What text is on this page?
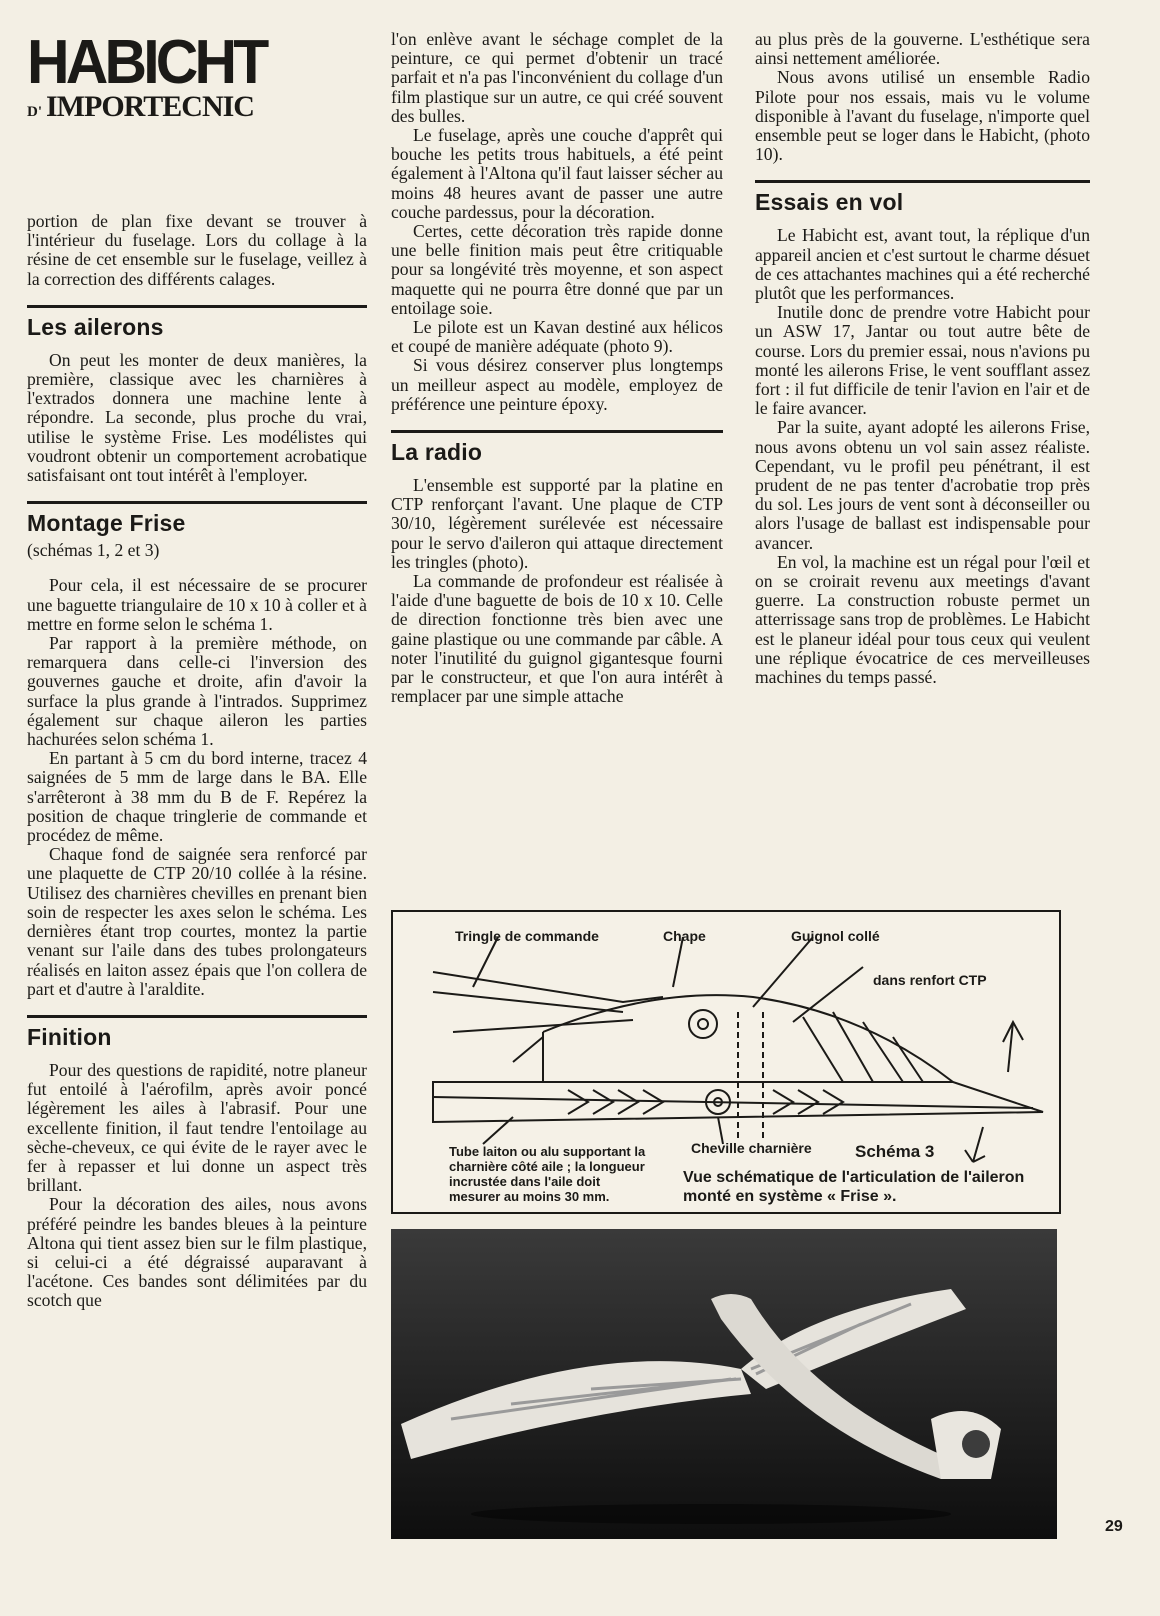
HABICHT
D' IMPORTECNIC

portion de plan fixe devant se trouver à l'intérieur du fuselage. Lors du collage à la résine de cet ensemble sur le fuselage, veillez à la correction des différents calages.

Les ailerons

On peut les monter de deux manières, la première, classique avec les charnières à l'extrados donnera une machine lente à répondre. La seconde, plus proche du vrai, utilise le système Frise. Les modélistes qui voudront obtenir un comportement acrobatique satisfaisant ont tout intérêt à l'employer.

Montage Frise
(schémas 1, 2 et 3)

Pour cela, il est nécessaire de se procurer une baguette triangulaire de 10 x 10 à coller et à mettre en forme selon le schéma 1.

Par rapport à la première méthode, on remarquera dans celle-ci l'inversion des gouvernes gauche et droite, afin d'avoir la surface la plus grande à l'intrados. Supprimez également sur chaque aileron les parties hachurées selon schéma 1.

En partant à 5 cm du bord interne, tracez 4 saignées de 5 mm de large dans le BA. Elle s'arrêteront à 38 mm du B de F. Repérez la position de chaque tringlerie de commande et procédez de même.

Chaque fond de saignée sera renforcé par une plaquette de CTP 20/10 collée à la résine. Utilisez des charnières chevilles en prenant bien soin de respecter les axes selon le schéma. Les dernières étant trop courtes, montez la partie venant sur l'aile dans des tubes prolongateurs réalisés en laiton assez épais que l'on collera de part et d'autre à l'araldite.

Finition

Pour des questions de rapidité, notre planeur fut entoilé à l'aérofilm, après avoir poncé légèrement les ailes à l'abrasif. Pour une excellente finition, il faut tendre l'entoilage au sèche-cheveux, ce qui évite de le rayer avec le fer à repasser et lui donne un aspect très brillant.

Pour la décoration des ailes, nous avons préféré peindre les bandes bleues à la peinture Altona qui tient assez bien sur le film plastique, si celui-ci a été dégraissé auparavant à l'acétone. Ces bandes sont délimitées par du scotch que

l'on enlève avant le séchage complet de la peinture, ce qui permet d'obtenir un tracé parfait et n'a pas l'inconvénient du collage d'un film plastique sur un autre, ce qui créé souvent des bulles.

Le fuselage, après une couche d'apprêt qui bouche les petits trous habituels, a été peint également à l'Altona qu'il faut laisser sécher au moins 48 heures avant de passer une autre couche pardessus, pour la décoration.

Certes, cette décoration très rapide donne une belle finition mais peut être critiquable pour sa longévité très moyenne, et son aspect maquette qui ne pourra être donné que par un entoilage soie.

Le pilote est un Kavan destiné aux hélicos et coupé de manière adéquate (photo 9).

Si vous désirez conserver plus longtemps un meilleur aspect au modèle, employez de préférence une peinture époxy.

La radio

L'ensemble est supporté par la platine en CTP renforçant l'avant. Une plaque de CTP 30/10, légèrement surélevée est nécessaire pour le servo d'aileron qui attaque directement les tringles (photo).

La commande de profondeur est réalisée à l'aide d'une baguette de bois de 10 x 10. Celle de direction fonctionne très bien avec une gaine plastique ou une commande par câble. A noter l'inutilité du guignol gigantesque fourni par le constructeur, et que l'on aura intérêt à remplacer par une simple attache

au plus près de la gouverne. L'esthétique sera ainsi nettement améliorée.

Nous avons utilisé un ensemble Radio Pilote pour nos essais, mais vu le volume disponible à l'avant du fuselage, n'importe quel ensemble peut se loger dans le Habicht, (photo 10).

Essais en vol

Le Habicht est, avant tout, la réplique d'un appareil ancien et c'est surtout le charme désuet de ces attachantes machines qui a été recherché plutôt que les performances.

Inutile donc de prendre votre Habicht pour un ASW 17, Jantar ou tout autre bête de course. Lors du premier essai, nous n'avions pu monté les ailerons Frise, le vent soufflant assez fort : il fut difficile de tenir l'avion en l'air et de le faire avancer.

Par la suite, ayant adopté les ailerons Frise, nous avons obtenu un vol sain assez réaliste. Cependant, vu le profil peu pénétrant, il est prudent de ne pas tenter d'acrobatie trop près du sol. Les jours de vent sont à déconseiller ou alors l'usage de ballast est indispensable pour avancer.

En vol, la machine est un régal pour l'œil et on se croirait revenu aux meetings d'avant guerre. La construction robuste permet un atterrissage sans trop de problèmes. Le Habicht est le planeur idéal pour tous ceux qui veulent une réplique évocatrice de ces merveilleuses machines du temps passé.

Tringle de commande	Chape	Guignol collé
dans renfort CTP
Tube laiton ou alu supportant la charnière côté aile ; la longueur incrustée dans l'aile doit mesurer au moins 30 mm.
Cheville charnière	Schéma 3
Vue schématique de l'articulation de l'aileron monté en système « Frise ».
29
